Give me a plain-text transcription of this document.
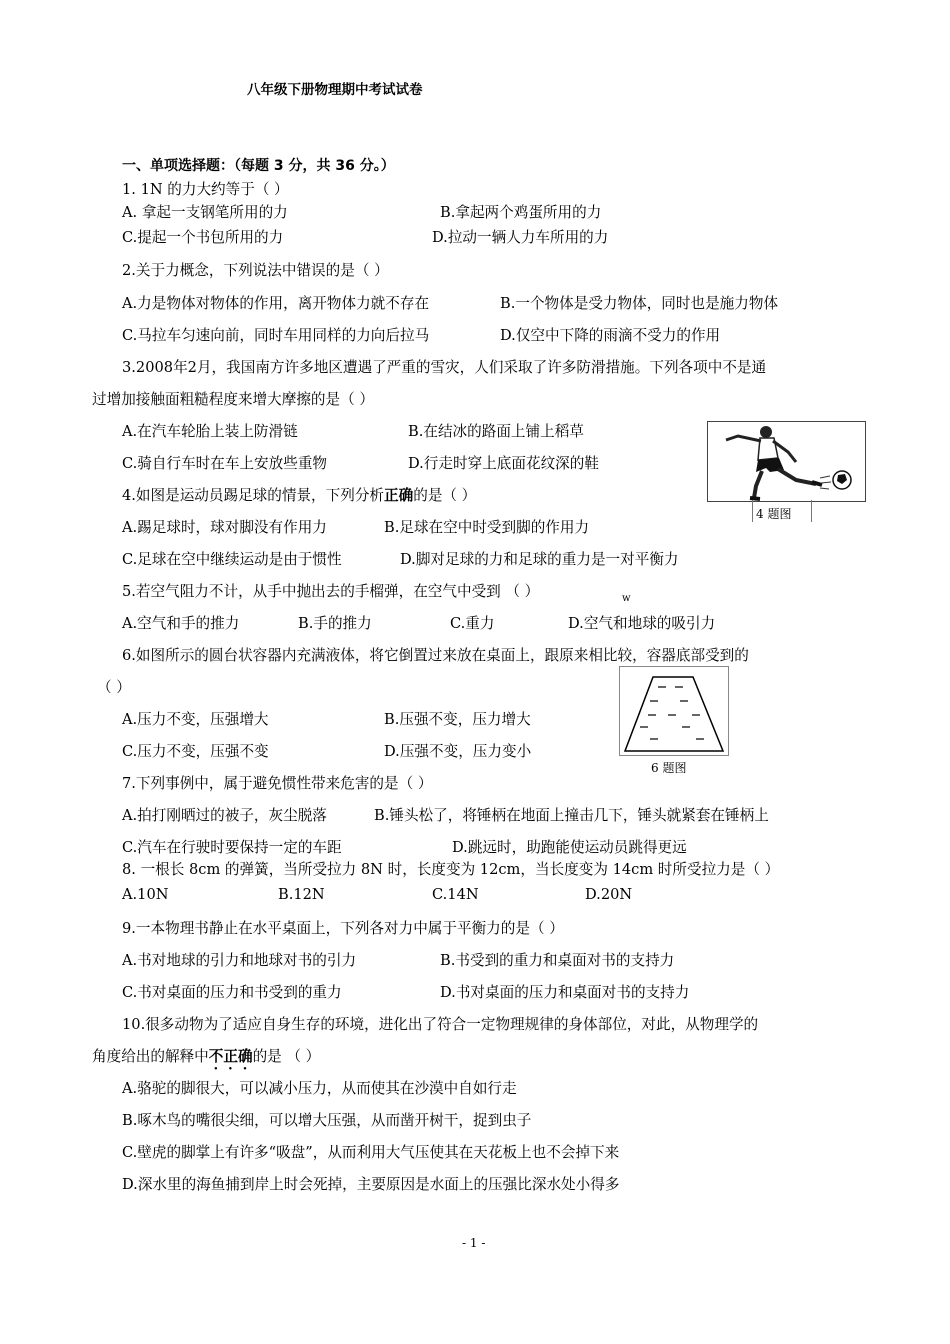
八年级下册物理期中考试试卷
一、单项选择题：（每题 3 分，共 36 分。）
1. 1N 的力大约等于（ ）
A. 拿起一支钢笔所用的力	B.拿起两个鸡蛋所用的力
C.提起一个书包所用的力	D.拉动一辆人力车所用的力
2.关于力概念，下列说法中错误的是（ ）
A.力是物体对物体的作用，离开物体力就不存在	B.一个物体是受力物体，同时也是施力物体
C.马拉车匀速向前，同时车用同样的力向后拉马	D.仅空中下降的雨滴不受力的作用
3.2008年2月，我国南方许多地区遭遇了严重的雪灾，人们采取了许多防滑措施。下列各项中不是通
过增加接触面粗糙程度来增大摩擦的是（ ）
A.在汽车轮胎上装上防滑链	B.在结冰的路面上铺上稻草
C.骑自行车时在车上安放些重物	D.行走时穿上底面花纹深的鞋
4 题图
4.如图是运动员踢足球的情景，下列分析正确的是（ ）
A.踢足球时，球对脚没有作用力	B.足球在空中时受到脚的作用力
C.足球在空中继续运动是由于惯性	D.脚对足球的力和足球的重力是一对平衡力
5.若空气阻力不计，从手中抛出去的手榴弹，在空气中受到 （ ）	w
A.空气和手的推力	B.手的推力	C.重力	D.空气和地球的吸引力
6.如图所示的圆台状容器内充满液体，将它倒置过来放在桌面上，跟原来相比较，容器底部受到的
（ ）
6 题图
A.压力不变，压强增大	B.压强不变，压力增大
C.压力不变，压强不变	D.压强不变，压力变小
7.下列事例中，属于避免惯性带来危害的是（ ）
A.拍打刚晒过的被子，灰尘脱落	B.锤头松了，将锤柄在地面上撞击几下，锤头就紧套在锤柄上
C.汽车在行驶时要保持一定的车距	D.跳远时，助跑能使运动员跳得更远
8. 一根长 8cm 的弹簧，当所受拉力 8N 时，长度变为 12cm，当长度变为 14cm 时所受拉力是（ ）
A.10N	B.12N	C.14N	D.20N
9.一本物理书静止在水平桌面上，下列各对力中属于平衡力的是（ ）
A.书对地球的引力和地球对书的引力	B.书受到的重力和桌面对书的支持力
C.书对桌面的压力和书受到的重力	D.书对桌面的压力和桌面对书的支持力
10.很多动物为了适应自身生存的环境，进化出了符合一定物理规律的身体部位，对此，从物理学的
角度给出的解释中不正确的是 （ ）
A.骆驼的脚很大，可以减小压力，从而使其在沙漠中自如行走
B.啄木鸟的嘴很尖细，可以增大压强，从而凿开树干，捉到虫子
C.壁虎的脚掌上有许多“吸盘”，从而利用大气压使其在天花板上也不会掉下来
D.深水里的海鱼捕到岸上时会死掉，主要原因是水面上的压强比深水处小得多
- 1 -
